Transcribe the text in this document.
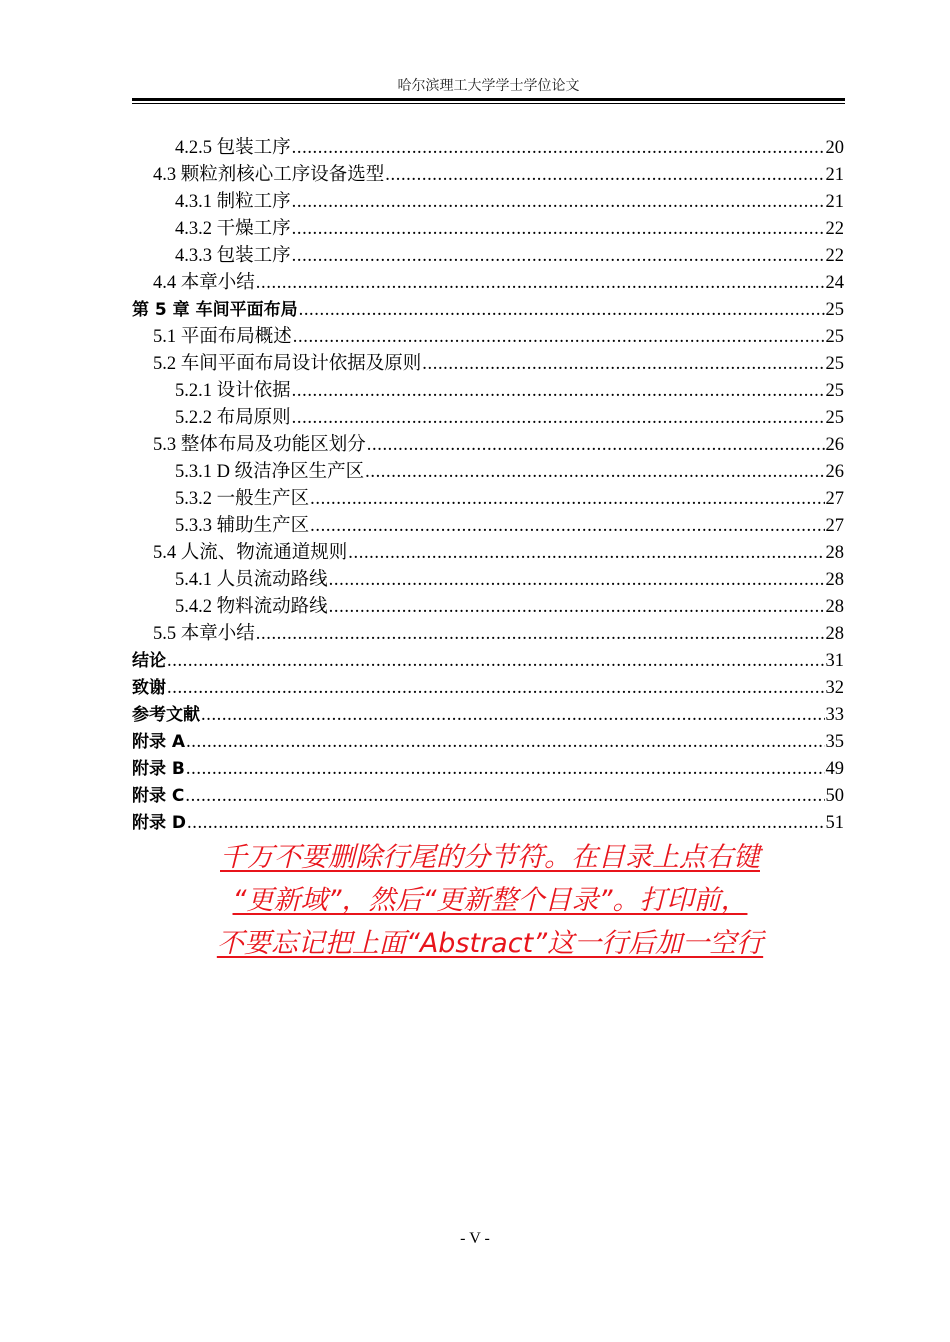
哈尔滨理工大学学士学位论文
4.2.5 包装工序 .....	20
4.3 颗粒剂核心工序设备选型 .....	21
4.3.1 制粒工序 .....	21
4.3.2 干燥工序 .....	22
4.3.3 包装工序 .....	22
4.4 本章小结 .....	24
第 5 章 车间平面布局 .....	25
5.1 平面布局概述 .....	25
5.2 车间平面布局设计依据及原则 .....	25
5.2.1 设计依据 .....	25
5.2.2 布局原则 .....	25
5.3 整体布局及功能区划分 .....	26
5.3.1 D 级洁净区生产区 .....	26
5.3.2 一般生产区 .....	27
5.3.3 辅助生产区 .....	27
5.4 人流、物流通道规则 .....	28
5.4.1 人员流动路线 .....	28
5.4.2 物料流动路线 .....	28
5.5 本章小结 .....	28
结论 .....	31
致谢 .....	32
参考文献 .....	33
附录 A .....	35
附录 B .....	49
附录 C .....	50
附录 D .....	51
千万不要删除行尾的分节符。在目录上点右键
“更新域”，然后“更新整个目录”。打印前，
不要忘记把上面“Abstract”这一行后加一空行
- V -
